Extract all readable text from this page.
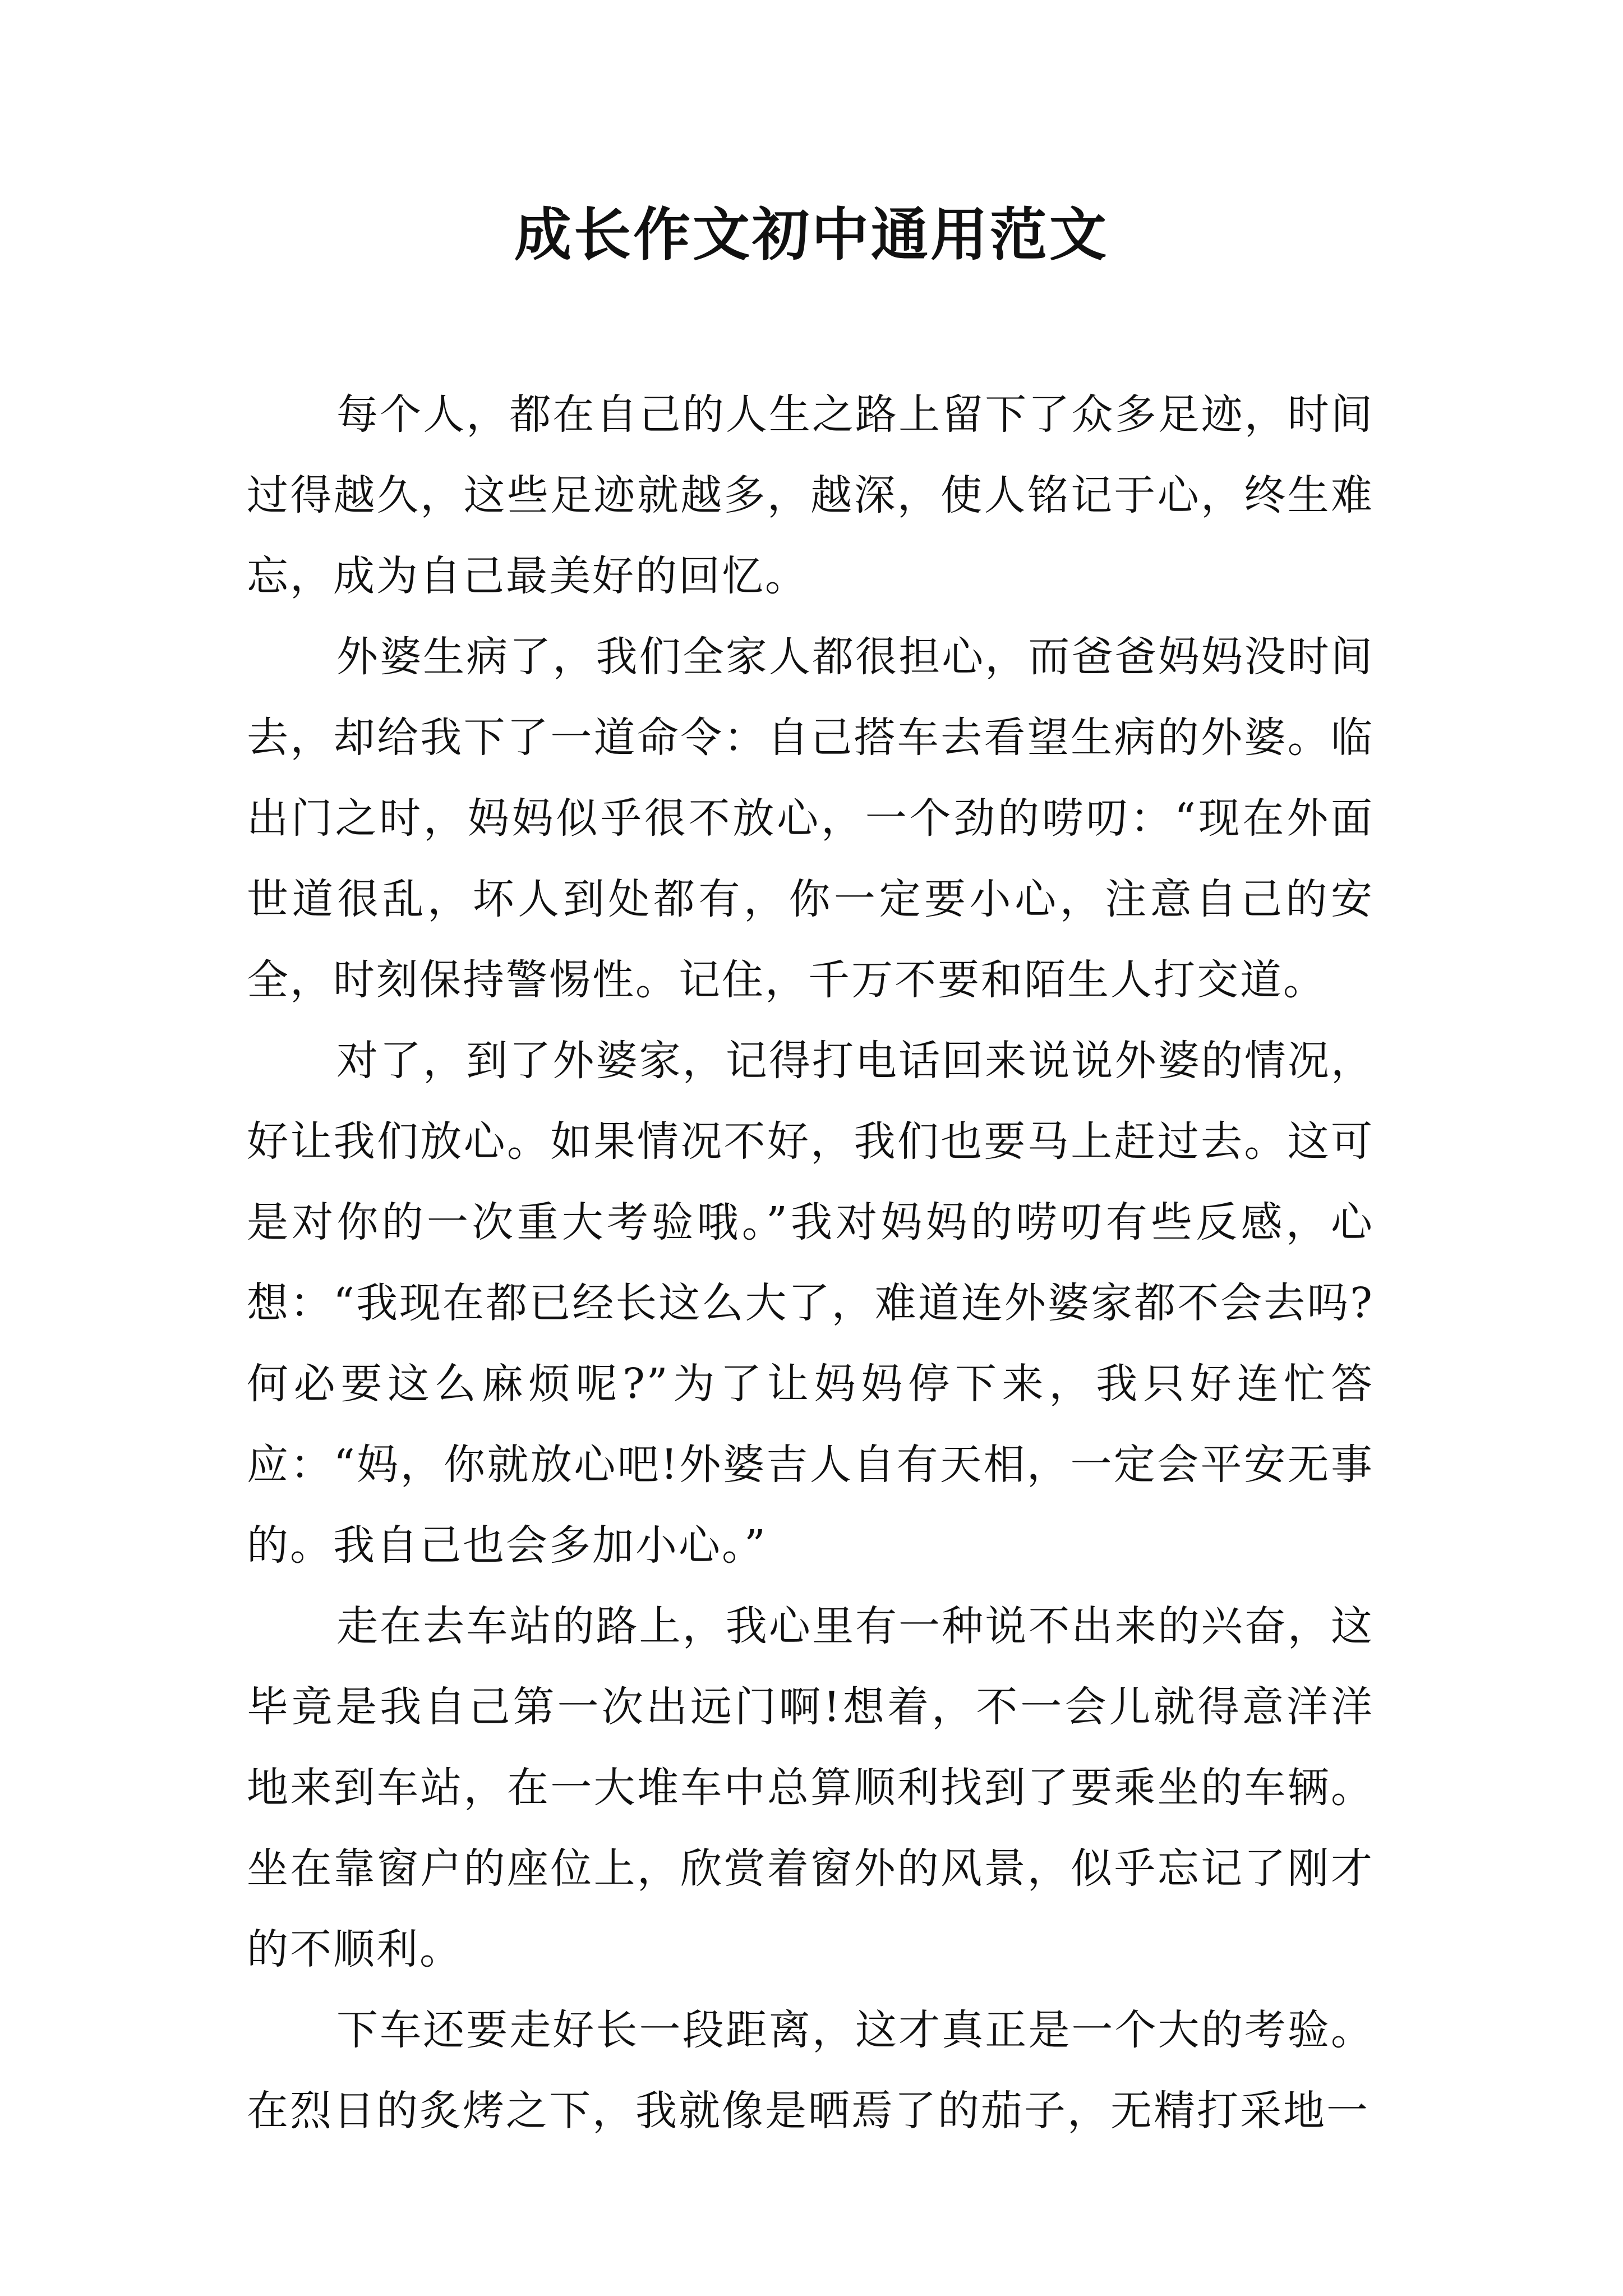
成长作文初中通用范文

每个人，都在自己的人生之路上留下了众多足迹，时间过得越久，这些足迹就越多，越深，使人铭记于心，终生难忘，成为自己最美好的回忆。

外婆生病了，我们全家人都很担心，而爸爸妈妈没时间去，却给我下了一道命令：自己搭车去看望生病的外婆。临出门之时，妈妈似乎很不放心，一个劲的唠叨：“现在外面世道很乱，坏人到处都有，你一定要小心，注意自己的安全，时刻保持警惕性。记住，千万不要和陌生人打交道。

对了，到了外婆家，记得打电话回来说说外婆的情况，好让我们放心。如果情况不好，我们也要马上赶过去。这可是对你的一次重大考验哦。”我对妈妈的唠叨有些反感，心想：“我现在都已经长这么大了，难道连外婆家都不会去吗?何必要这么麻烦呢?”为了让妈妈停下来，我只好连忙答应：“妈，你就放心吧!外婆吉人自有天相，一定会平安无事的。我自己也会多加小心。”

走在去车站的路上，我心里有一种说不出来的兴奋，这毕竟是我自己第一次出远门啊!想着，不一会儿就得意洋洋地来到车站，在一大堆车中总算顺利找到了要乘坐的车辆。坐在靠窗户的座位上，欣赏着窗外的风景，似乎忘记了刚才的不顺利。

下车还要走好长一段距离，这才真正是一个大的考验。在烈日的炙烤之下，我就像是晒焉了的茄子，无精打采地一
